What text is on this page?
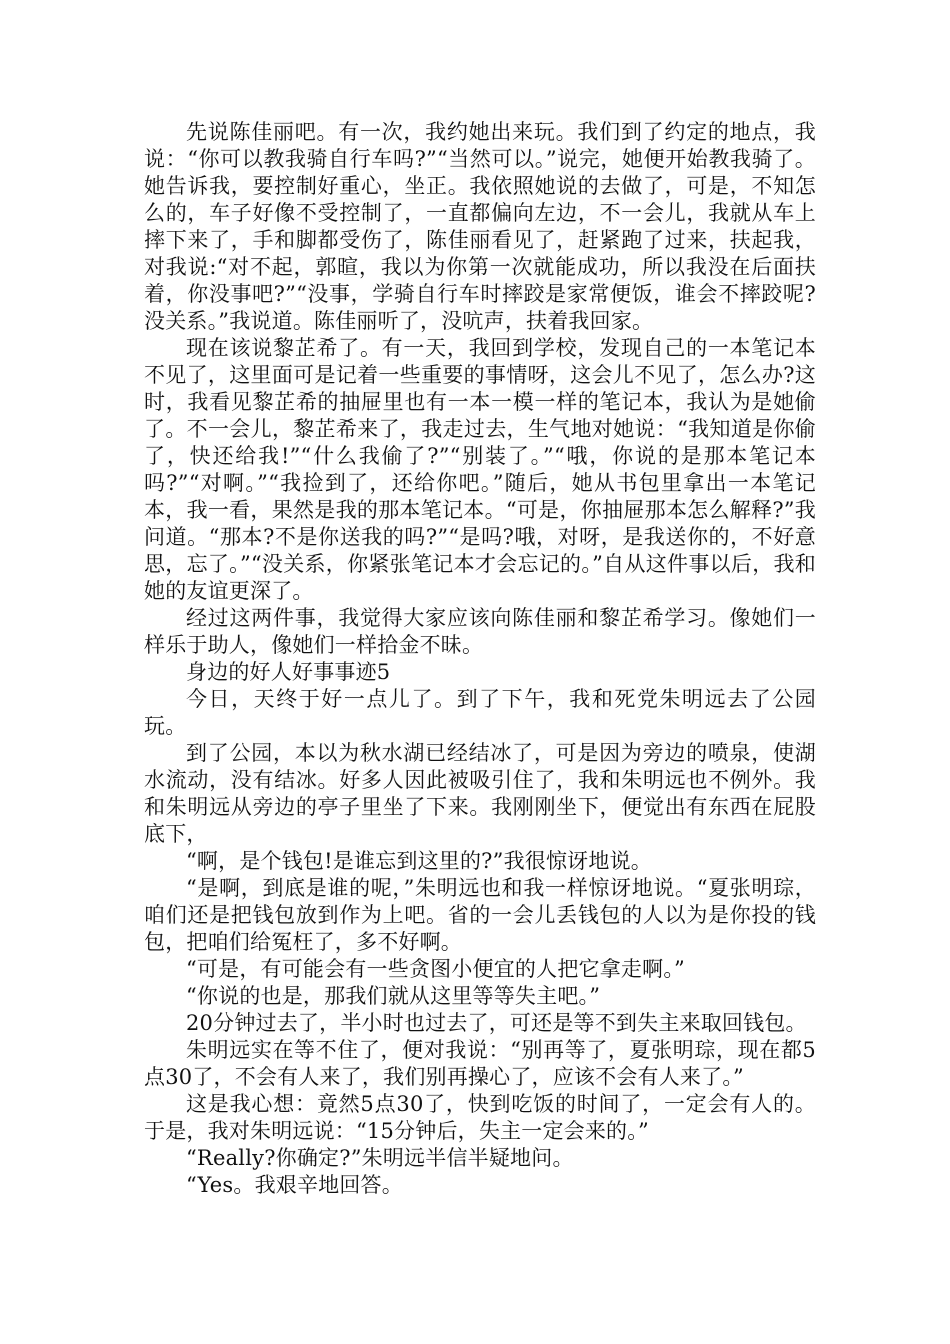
先说陈佳丽吧。有一次，我约她出来玩。我们到了约定的地点，我说：“你可以教我骑自行车吗?”“当然可以。”说完，她便开始教我骑了。她告诉我，要控制好重心，坐正。我依照她说的去做了，可是，不知怎么的，车子好像不受控制了，一直都偏向左边，不一会儿，我就从车上摔下来了，手和脚都受伤了，陈佳丽看见了，赶紧跑了过来，扶起我，对我说:“对不起，郭暄，我以为你第一次就能成功，所以我没在后面扶着，你没事吧?”“没事，学骑自行车时摔跤是家常便饭，谁会不摔跤呢?没关系。”我说道。陈佳丽听了，没吭声，扶着我回家。

现在该说黎芷希了。有一天，我回到学校，发现自己的一本笔记本不见了，这里面可是记着一些重要的事情呀，这会儿不见了，怎么办?这时，我看见黎芷希的抽屉里也有一本一模一样的笔记本，我认为是她偷了。不一会儿，黎芷希来了，我走过去，生气地对她说：“我知道是你偷了，快还给我!”“什么我偷了?”“别装了。”“哦，你说的是那本笔记本吗?”“对啊。”“我捡到了，还给你吧。”随后，她从书包里拿出一本笔记本，我一看，果然是我的那本笔记本。“可是，你抽屉那本怎么解释?”我问道。“那本?不是你送我的吗?”“是吗?哦，对呀，是我送你的，不好意思，忘了。”“没关系，你紧张笔记本才会忘记的。”自从这件事以后，我和她的友谊更深了。

经过这两件事，我觉得大家应该向陈佳丽和黎芷希学习。像她们一样乐于助人，像她们一样拾金不昧。

身边的好人好事事迹5

今日，天终于好一点儿了。到了下午，我和死党朱明远去了公园玩。

到了公园，本以为秋水湖已经结冰了，可是因为旁边的喷泉，使湖水流动，没有结冰。好多人因此被吸引住了，我和朱明远也不例外。我和朱明远从旁边的亭子里坐了下来。我刚刚坐下，便觉出有东西在屁股底下，

“啊，是个钱包!是谁忘到这里的?”我很惊讶地说。

“是啊，到底是谁的呢，”朱明远也和我一样惊讶地说。“夏张明琮，咱们还是把钱包放到作为上吧。省的一会儿丢钱包的人以为是你投的钱包，把咱们给冤枉了，多不好啊。

“可是，有可能会有一些贪图小便宜的人把它拿走啊。”

“你说的也是，那我们就从这里等等失主吧。”

20分钟过去了，半小时也过去了，可还是等不到失主来取回钱包。

朱明远实在等不住了，便对我说：“别再等了，夏张明琮，现在都5点30了，不会有人来了，我们别再操心了，应该不会有人来了。”

这是我心想：竟然5点30了，快到吃饭的时间了，一定会有人的。于是，我对朱明远说：“15分钟后，失主一定会来的。”

“Really?你确定?”朱明远半信半疑地问。

“Yes。我艰辛地回答。
